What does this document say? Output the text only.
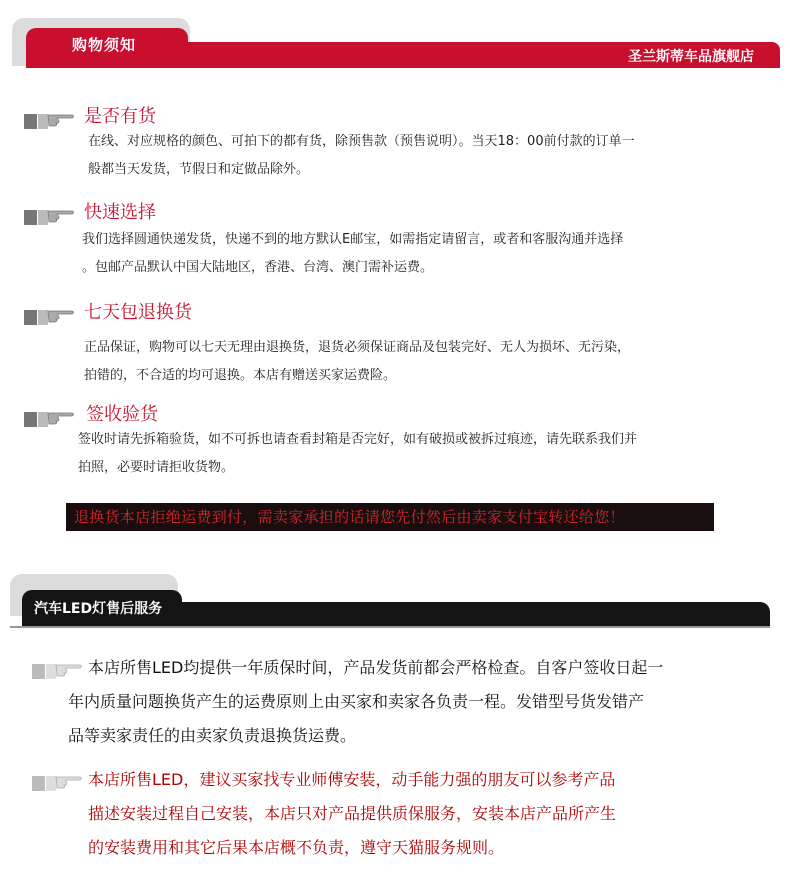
购物须知
圣兰斯蒂车品旗舰店
是否有货
在线、对应规格的颜色、可拍下的都有货，除预售款（预售说明）。当天18：00前付款的订单一
般都当天发货，节假日和定做品除外。
快速选择
我们选择圆通快递发货，快递不到的地方默认E邮宝，如需指定请留言，或者和客服沟通并选择
。包邮产品默认中国大陆地区，香港、台湾、澳门需补运费。
七天包退换货
正品保证，购物可以七天无理由退换货，退货必须保证商品及包装完好、无人为损坏、无污染，
拍错的，不合适的均可退换。本店有赠送买家运费险。
签收验货
签收时请先拆箱验货，如不可拆也请查看封箱是否完好，如有破损或被拆过痕迹，请先联系我们并
拍照，必要时请拒收货物。
退换货本店拒绝运费到付，需卖家承担的话请您先付然后由卖家支付宝转还给您！
汽车LED灯售后服务
本店所售LED均提供一年质保时间，产品发货前都会严格检查。自客户签收日起一
年内质量问题换货产生的运费原则上由买家和卖家各负责一程。发错型号货发错产
品等卖家责任的由卖家负责退换货运费。
本店所售LED，建议买家找专业师傅安装，动手能力强的朋友可以参考产品
描述安装过程自己安装，本店只对产品提供质保服务，安装本店产品所产生
的安装费用和其它后果本店概不负责，遵守天猫服务规则。
